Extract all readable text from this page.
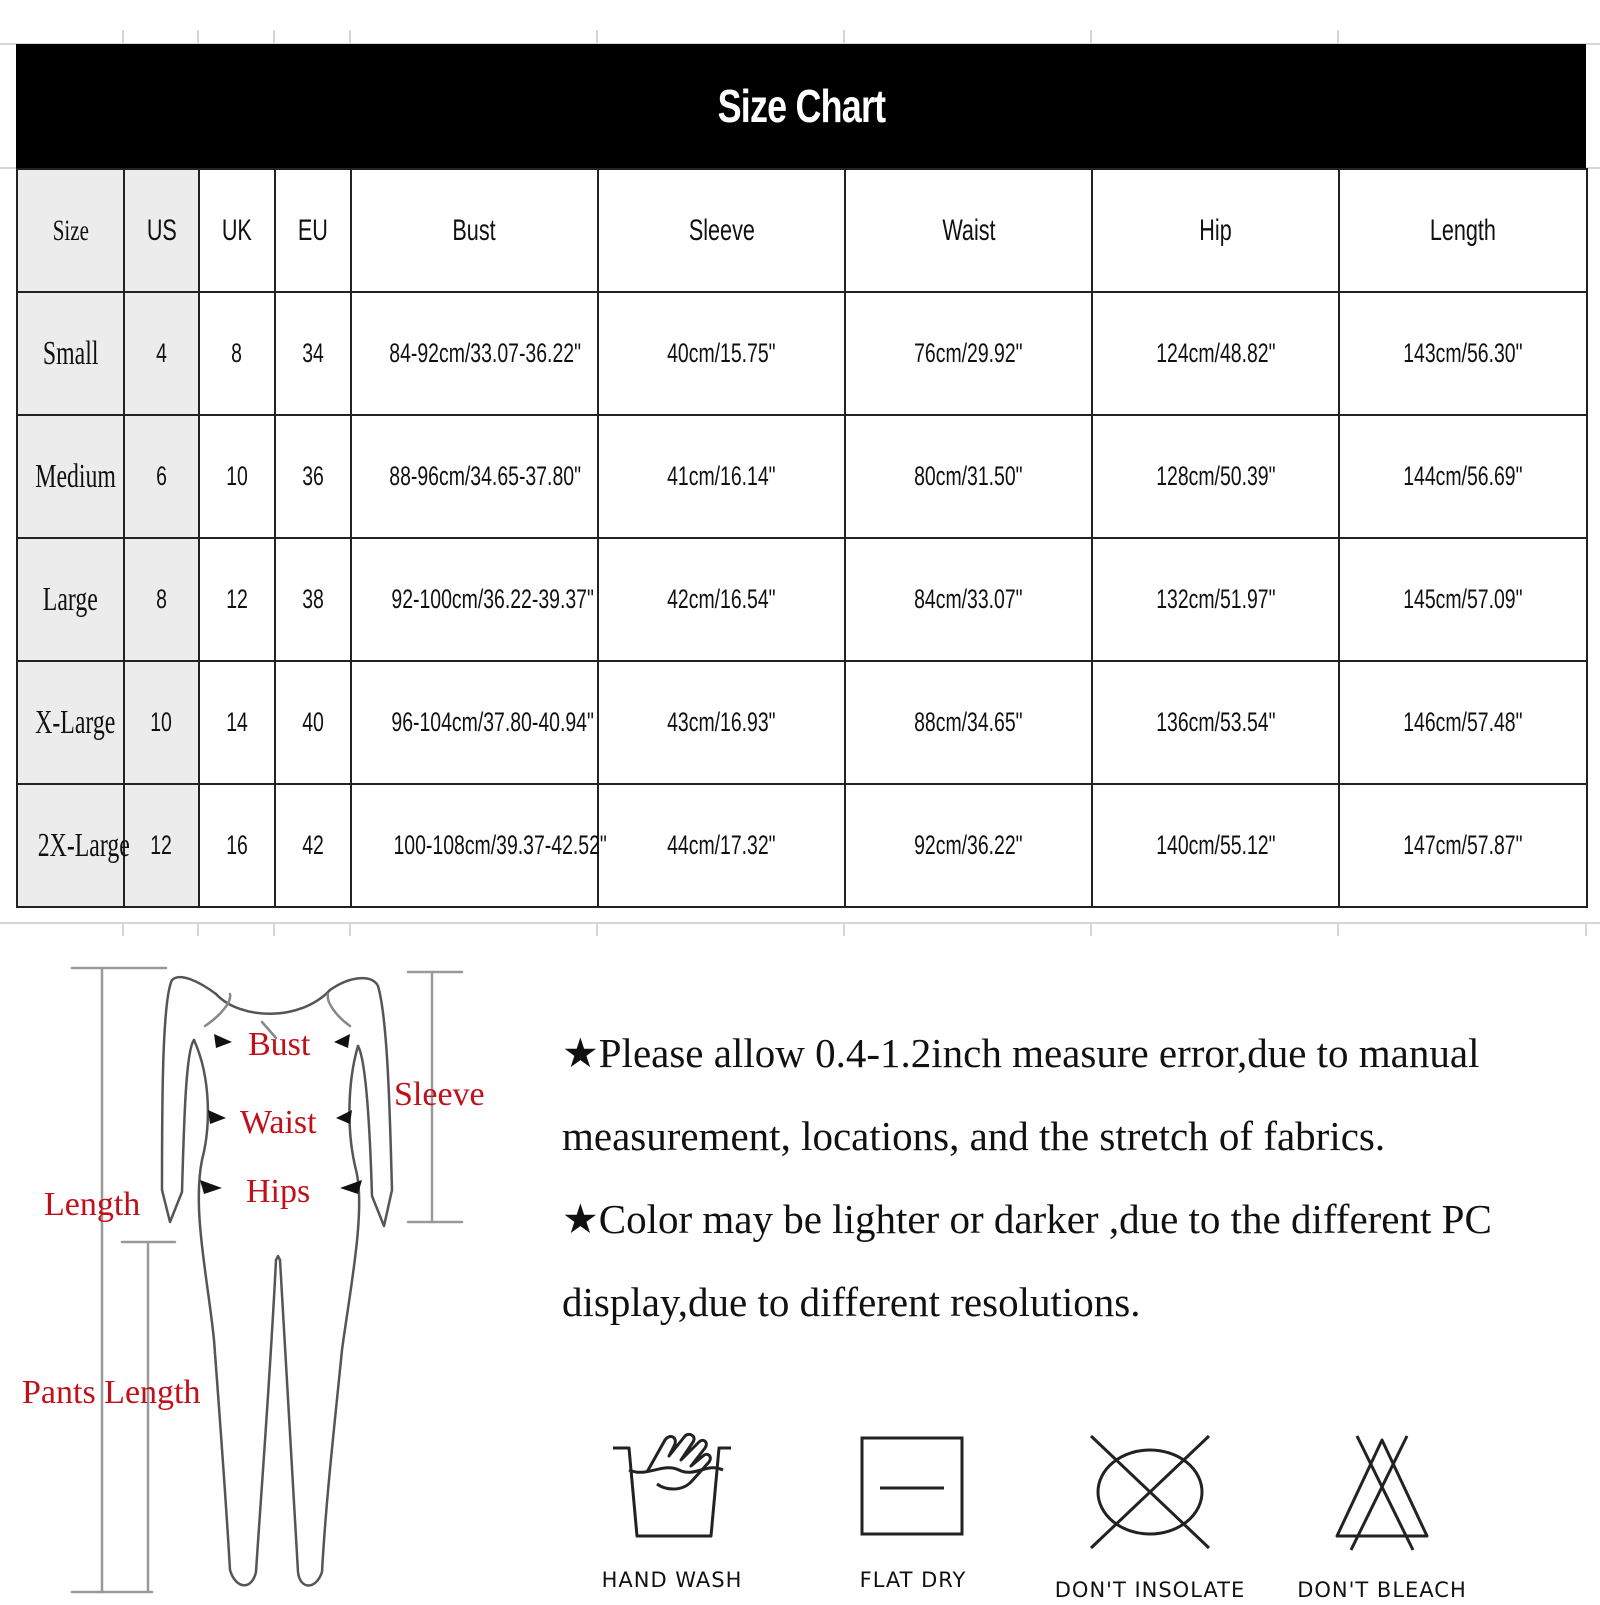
Size Chart
Size	US	UK	EU	Bust	Sleeve	Waist	Hip	Length
Small	4	8	34	84-92cm/33.07-36.22"	40cm/15.75"	76cm/29.92"	124cm/48.82"	143cm/56.30"
Medium	6	10	36	88-96cm/34.65-37.80"	41cm/16.14"	80cm/31.50"	128cm/50.39"	144cm/56.69"
Large	8	12	38	92-100cm/36.22-39.37"	42cm/16.54"	84cm/33.07"	132cm/51.97"	145cm/57.09"
X-Large	10	14	40	96-104cm/37.80-40.94"	43cm/16.93"	88cm/34.65"	136cm/53.54"	146cm/57.48"
2X-Large	12	16	42	100-108cm/39.37-42.52"	44cm/17.32"	92cm/36.22"	140cm/55.12"	147cm/57.87"
Bust
Waist
Hips
Sleeve
Length
Pants Length

★Please allow 0.4-1.2inch measure error,due to manual measurement, locations, and the stretch of fabrics.

★Color may be lighter or darker ,due to the different PC display,due to different resolutions.

HAND WASH	FLAT DRY	DON'T INSOLATE	DON'T BLEACH
